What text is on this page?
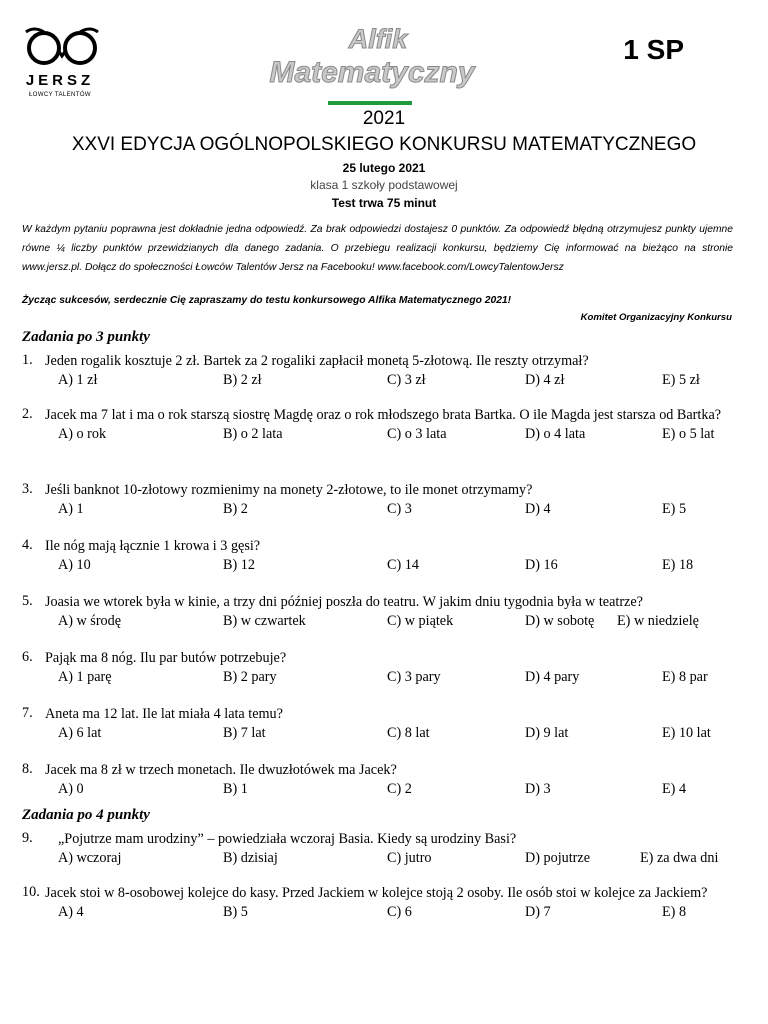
JERSZ
ŁOWCY TALENTÓW
Alfik
Matematyczny
1 SP
2021
XXVI EDYCJA OGÓLNOPOLSKIEGO KONKURSU MATEMATYCZNEGO
25 lutego 2021
klasa 1 szkoły podstawowej
Test trwa 75 minut
W każdym pytaniu poprawna jest dokładnie jedna odpowiedź. Za brak odpowiedzi dostajesz 0 punktów. Za odpowiedź błędną otrzymujesz punkty ujemne równe ¼ liczby punktów przewidzianych dla danego zadania. O przebiegu realizacji konkursu, będziemy Cię informować na bieżąco na stronie www.jersz.pl. Dołącz do społeczności Łowców Talentów Jersz na Facebooku! www.facebook.com/LowcyTalentowJersz
Życząc sukcesów, serdecznie Cię zapraszamy do testu konkursowego Alfika Matematycznego 2021!
Komitet Organizacyjny Konkursu
Zadania po 3 punkty
Zadania po 4 punkty
1. Jeden rogalik kosztuje 2 zł. Bartek za 2 rogaliki zapłacił monetą 5-złotową. Ile reszty otrzymał?
A) 1 zł	B) 2 zł	C) 3 zł	D) 4 zł	E) 5 zł
2. Jacek ma 7 lat i ma o rok starszą siostrę Magdę oraz o rok młodszego brata Bartka. O ile Magda jest starsza od Bartka?
A) o rok	B) o 2 lata	C) o 3 lata	D) o 4 lata	E) o 5 lat
3. Jeśli banknot 10-złotowy rozmienimy na monety 2-złotowe, to ile monet otrzymamy?
A) 1	B) 2	C) 3	D) 4	E) 5
4. Ile nóg mają łącznie 1 krowa i 3 gęsi?
A) 10	B) 12	C) 14	D) 16	E) 18
5. Joasia we wtorek była w kinie, a trzy dni później poszła do teatru. W jakim dniu tygodnia była w teatrze?
A) w środę	B) w czwartek	C) w piątek	D) w sobotę E) w niedzielę
6. Pająk ma 8 nóg. Ilu par butów potrzebuje?
A) 1 parę	B) 2 pary	C) 3 pary	D) 4 pary	E) 8 par
7. Aneta ma 12 lat. Ile lat miała 4 lata temu?
A) 6 lat	B) 7 lat	C) 8 lat	D) 9 lat	E) 10 lat
8. Jacek ma 8 zł w trzech monetach. Ile dwuzłotówek ma Jacek?
A) 0	B) 1	C) 2	D) 3	E) 4
9.	„Pojutrze mam urodziny” – powiedziała wczoraj Basia. Kiedy są urodziny Basi?
A) wczoraj	B) dzisiaj	C) jutro	D) pojutrze	E) za dwa dni
10. Jacek stoi w 8-osobowej kolejce do kasy. Przed Jackiem w kolejce stoją 2 osoby. Ile osób stoi w kolejce za Jackiem?
A) 4	B) 5	C) 6	D) 7	E) 8
